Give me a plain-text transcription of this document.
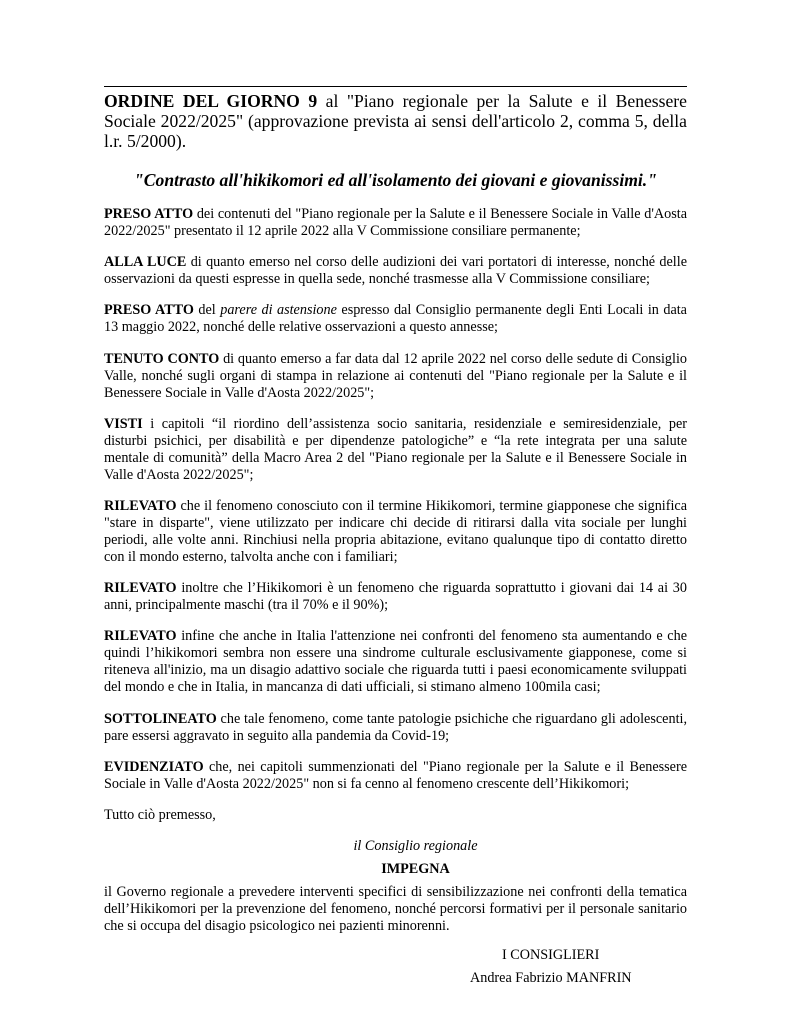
ORDINE DEL GIORNO 9 al "Piano regionale per la Salute e il Benessere Sociale 2022/2025" (approvazione prevista ai sensi dell'articolo 2, comma 5, della l.r. 5/2000).
"Contrasto all'hikikomori ed all'isolamento dei giovani e giovanissimi."

PRESO ATTO dei contenuti del "Piano regionale per la Salute e il Benessere Sociale in Valle d'Aosta 2022/2025" presentato il 12 aprile 2022 alla V Commissione consiliare permanente;

ALLA LUCE di quanto emerso nel corso delle audizioni dei vari portatori di interesse, nonché delle osservazioni da questi espresse in quella sede, nonché trasmesse alla V Commissione consiliare;

PRESO ATTO del parere di astensione espresso dal Consiglio permanente degli Enti Locali in data 13 maggio 2022, nonché delle relative osservazioni a questo annesse;

TENUTO CONTO di quanto emerso a far data dal 12 aprile 2022 nel corso delle sedute di Consiglio Valle, nonché sugli organi di stampa in relazione ai contenuti del "Piano regionale per la Salute e il Benessere Sociale in Valle d'Aosta 2022/2025";

VISTI i capitoli “il riordino dell’assistenza socio sanitaria, residenziale e semiresidenziale, per disturbi psichici, per disabilità e per dipendenze patologiche” e “la rete integrata per una salute mentale di comunità” della Macro Area 2 del "Piano regionale per la Salute e il Benessere Sociale in Valle d'Aosta 2022/2025";

RILEVATO che il fenomeno conosciuto con il termine Hikikomori, termine giapponese che significa "stare in disparte", viene utilizzato per indicare chi decide di ritirarsi dalla vita sociale per lunghi periodi, alle volte anni. Rinchiusi nella propria abitazione, evitano qualunque tipo di contatto diretto con il mondo esterno, talvolta anche con i familiari;

RILEVATO inoltre che l’Hikikomori è un fenomeno che riguarda soprattutto i giovani dai 14 ai 30 anni, principalmente maschi (tra il 70% e il 90%);

RILEVATO infine che anche in Italia l'attenzione nei confronti del fenomeno sta aumentando e che quindi l’hikikomori sembra non essere una sindrome culturale esclusivamente giapponese, come si riteneva all'inizio, ma un disagio adattivo sociale che riguarda tutti i paesi economicamente sviluppati del mondo e che in Italia, in mancanza di dati ufficiali, si stimano almeno 100mila casi;

SOTTOLINEATO che tale fenomeno, come tante patologie psichiche che riguardano gli adolescenti, pare essersi aggravato in seguito alla pandemia da Covid-19;

EVIDENZIATO che, nei capitoli summenzionati del "Piano regionale per la Salute e il Benessere Sociale in Valle d'Aosta 2022/2025" non si fa cenno al fenomeno crescente dell’Hikikomori;

Tutto ciò premesso,

il Consiglio regionale
IMPEGNA
il Governo regionale a prevedere interventi specifici di sensibilizzazione nei confronti della tematica dell’Hikikomori per la prevenzione del fenomeno, nonché percorsi formativi per il personale sanitario che si occupa del disagio psicologico nei pazienti minorenni.
I CONSIGLIERI
Andrea Fabrizio MANFRIN
